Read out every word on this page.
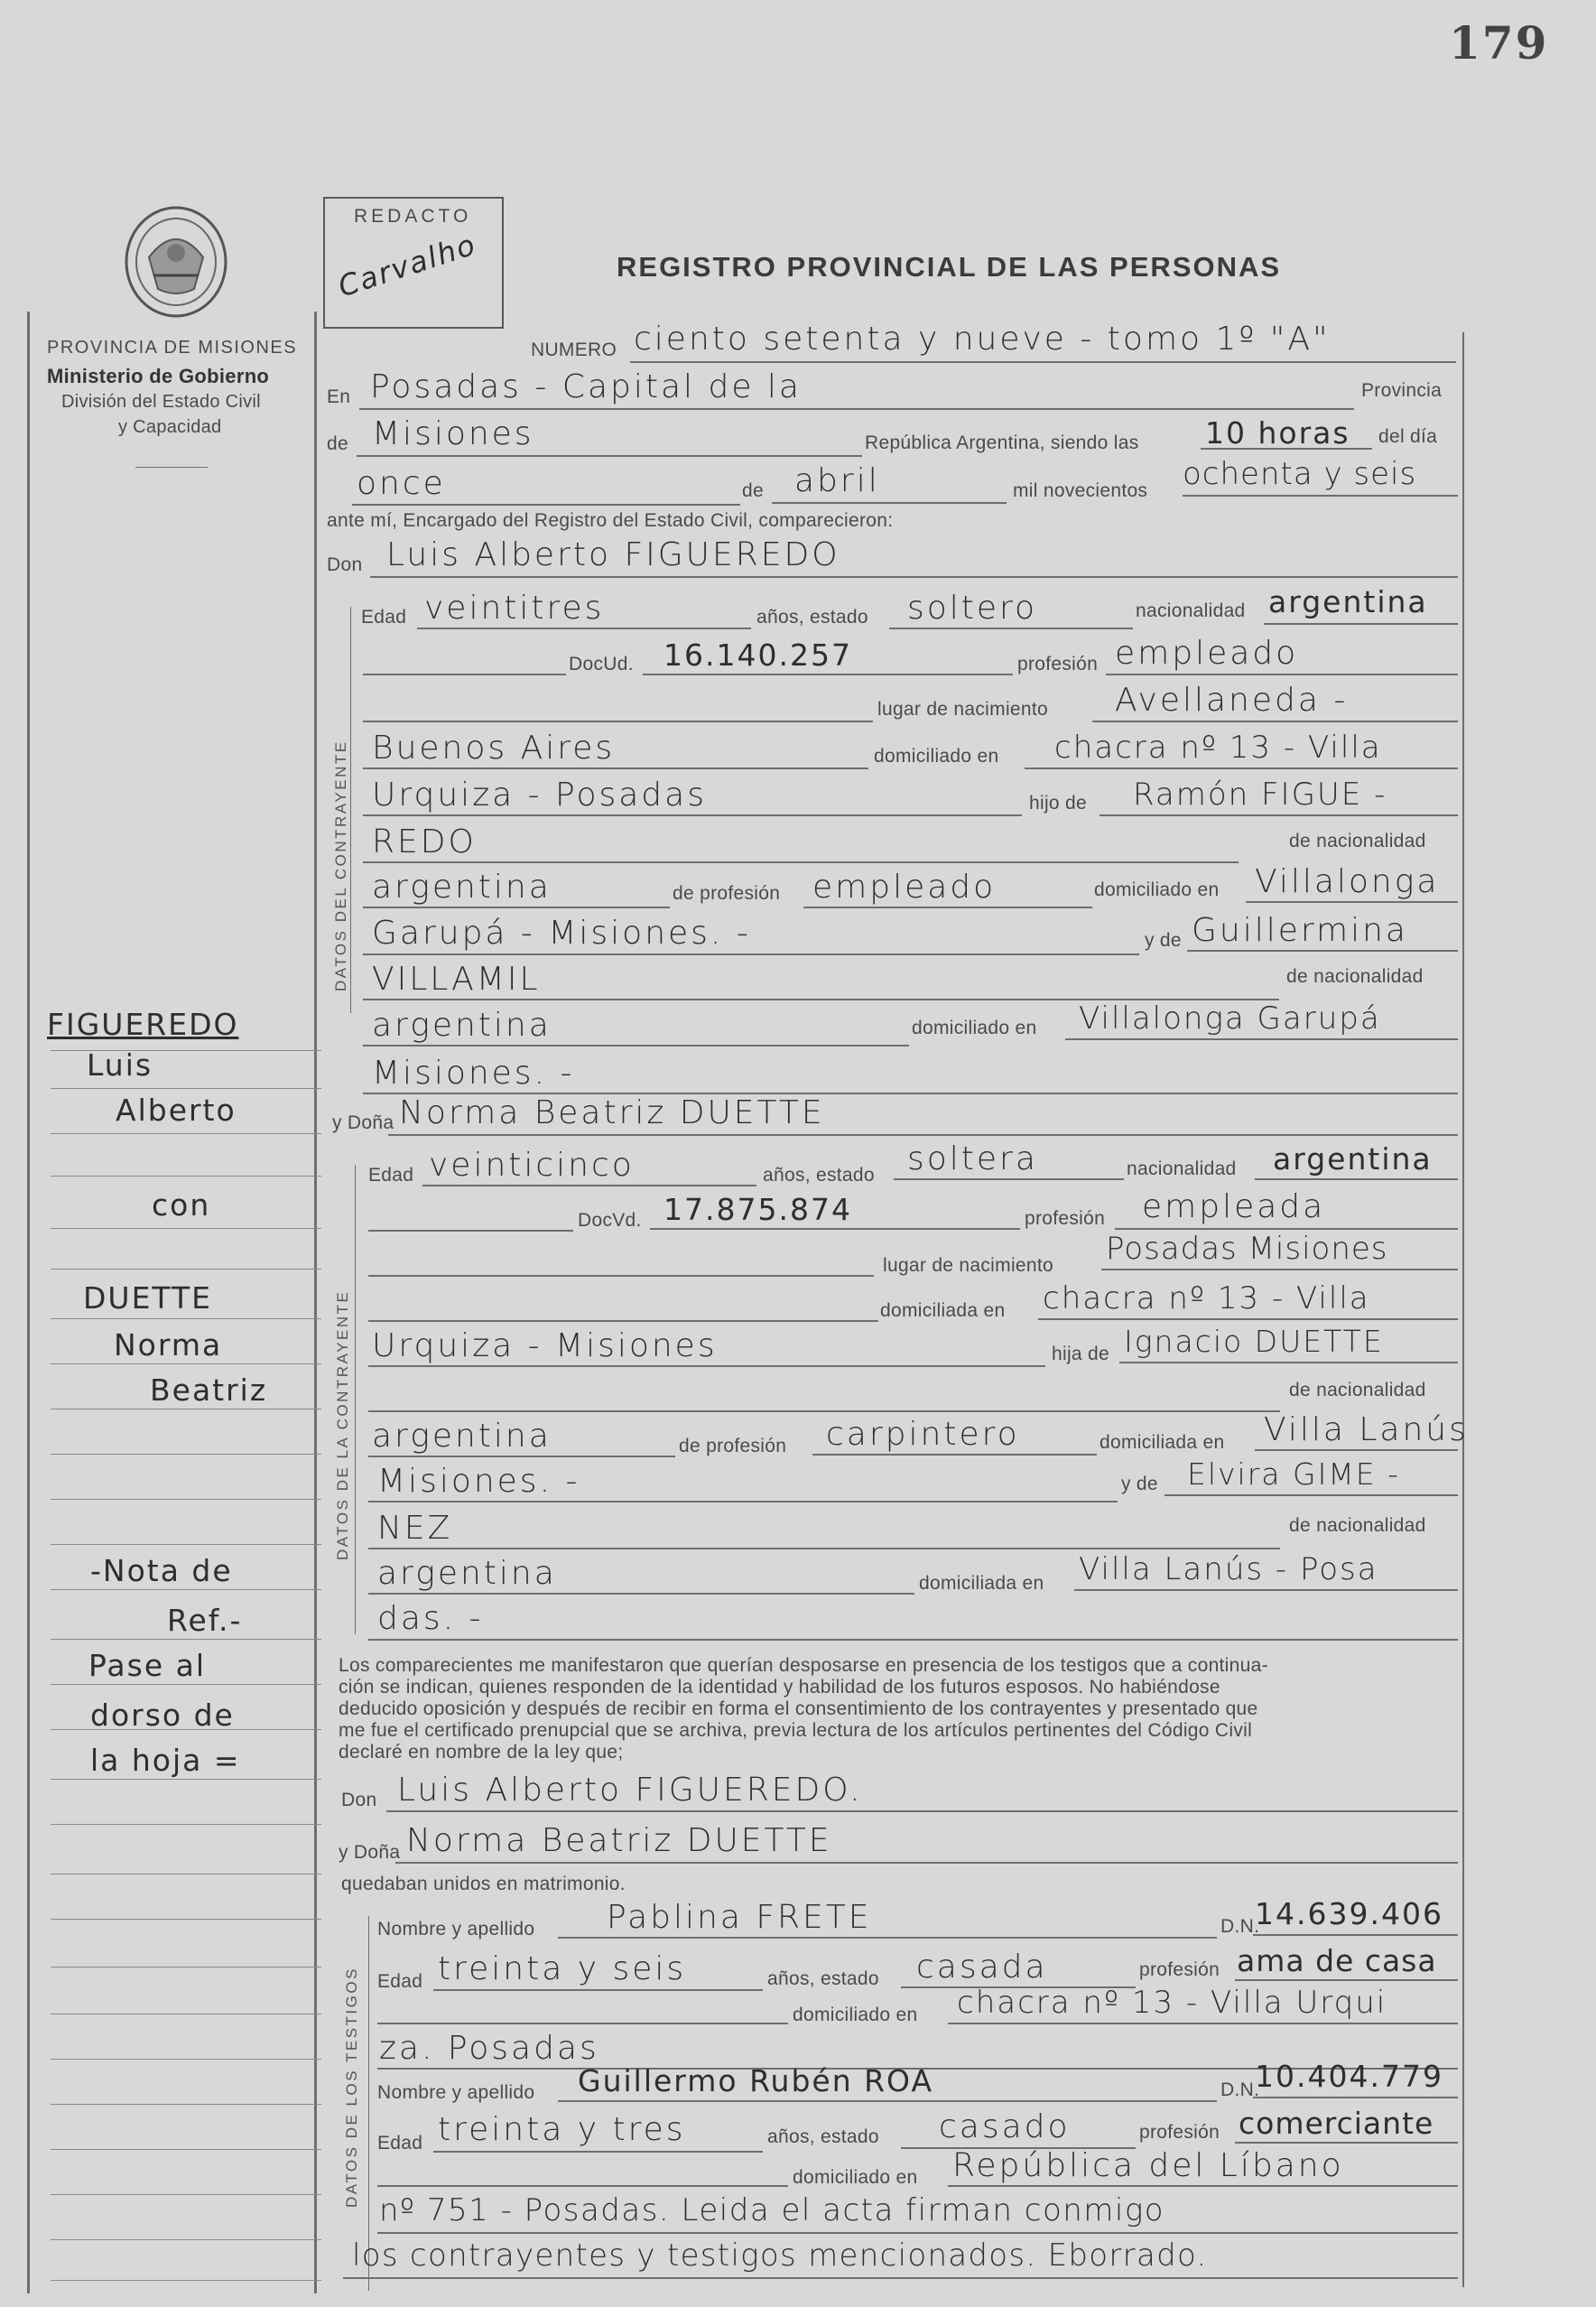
179
PROVINCIA DE MISIONES
Ministerio de Gobierno
División del Estado Civil
y Capacidad
REDACTO
Carvalho	REGISTRO PROVINCIAL DE LAS PERSONAS
DATOS DEL CONTRAYENTE
DATOS DE LA CONTRAYENTE
DATOS DE LOS TESTIGOS
FIGUEREDO
Luis
Alberto
con
DUETTE
Norma
Beatriz
-Nota de
Ref.-
Pase al
dorso de
la hoja =
NUMERO ciento setenta y nueve - tomo 1º "A"
En Posadas - Capital de la	Provincia
de Misiones	República Argentina, siendo las 10 horas del día
once	de abril	mil novecientos ochenta y seis
ante mí, Encargado del Registro del Estado Civil, comparecieron:
Don Luis Alberto FIGUEREDO
Edad veintitres	años, estado soltero	nacionalidad argentina
DocUd. 16.140.257	profesión empleado
lugar de nacimiento Avellaneda -
Buenos Aires	domiciliado en chacra nº 13 - Villa
Urquiza - Posadas	hijo de Ramón FIGUE -
REDO	de nacionalidad
argentina	de profesión empleado	domiciliado en Villalonga
Garupá - Misiones. -	y de Guillermina
VILLAMIL	de nacionalidad
argentina	domiciliado en Villalonga Garupá
Misiones. -
y Doña Norma Beatriz DUETTE
Edad veinticinco	años, estado soltera	nacionalidad argentina
DocVd. 17.875.874	profesión empleada
lugar de nacimiento Posadas Misiones
domiciliada en chacra nº 13 - Villa
Urquiza - Misiones	hija de Ignacio DUETTE
de nacionalidad
argentina	de profesión carpintero	domiciliada en Villa Lanús
Misiones. -	y de Elvira GIME -
NEZ	de nacionalidad
argentina	domiciliada en Villa Lanús - Posa
das. -
Los comparecientes me manifestaron que querían desposarse en presencia de los testigos que a continua-
ción se indican, quienes responden de la identidad y habilidad de los futuros esposos. No habiéndose
deducido oposición y después de recibir en forma el consentimiento de los contrayentes y presentado que
me fue el certificado prenupcial que se archiva, previa lectura de los artículos pertinentes del Código Civil
declaré en nombre de la ley que;
Don Luis Alberto FIGUEREDO.
y Doña Norma Beatriz DUETTE
quedaban unidos en matrimonio.
Nombre y apellido Pablina FRETE	D.N.
14.639.406
Edad treinta y seis	años, estado casada	profesión ama de casa
domiciliado en chacra nº 13 - Villa Urqui
za. Posadas
Nombre y apellido Guillermo Rubén ROA	D.N.
10.404.779
Edad treinta y tres	años, estado casado	profesión comerciante
domiciliado en República del Líbano
nº 751 - Posadas. Leida el acta firman conmigo
los contrayentes y testigos mencionados. Eborrado.
